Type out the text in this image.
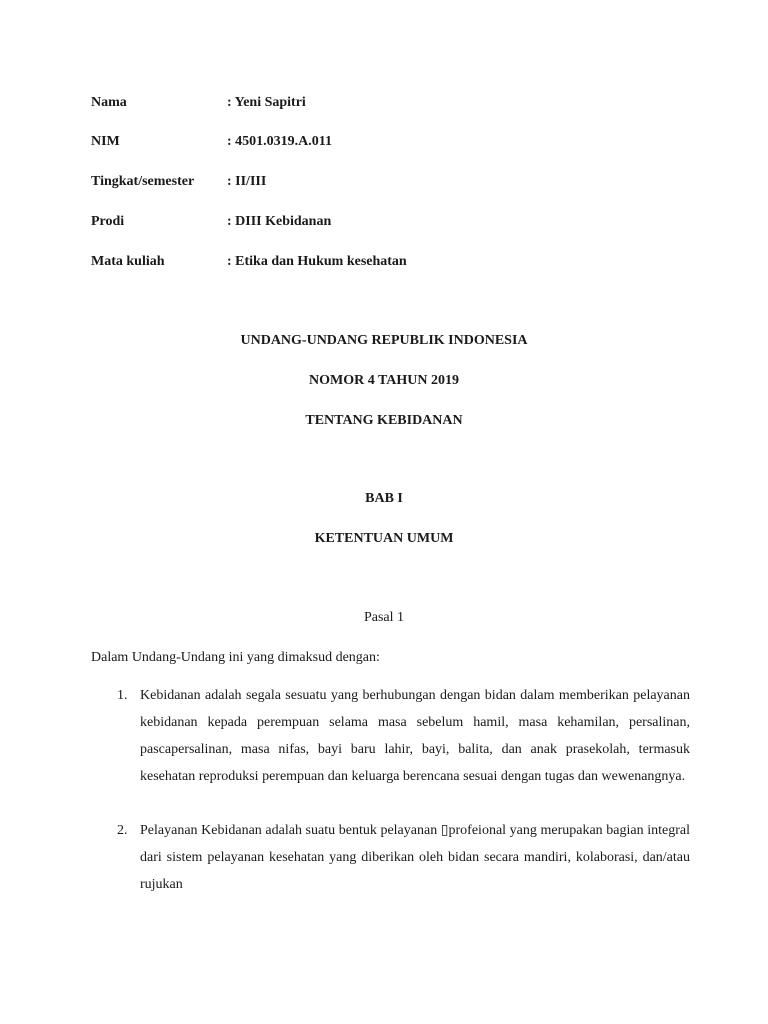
Nama	: Yeni Sapitri
NIM	: 4501.0319.A.011
Tingkat/semester : II/III
Prodi	: DIII Kebidanan
Mata kuliah	: Etika dan Hukum kesehatan
UNDANG-UNDANG REPUBLIK INDONESIA
NOMOR 4 TAHUN 2019
TENTANG KEBIDANAN
BAB I
KETENTUAN UMUM
Pasal 1
Dalam Undang-Undang ini yang dimaksud dengan:
1. Kebidanan adalah segala sesuatu yang berhubungan dengan bidan dalam memberikan pelayanan kebidanan kepada perempuan selama masa sebelum hamil, masa kehamilan, persalinan, pascapersalinan, masa nifas, bayi baru lahir, bayi, balita, dan anak prasekolah, termasuk kesehatan reproduksi perempuan dan keluarga berencana sesuai dengan tugas dan wewenangnya.
2. Pelayanan Kebidanan adalah suatu bentuk pelayanan ▯profeional yang merupakan bagian integral dari sistem pelayanan kesehatan yang diberikan oleh bidan secara mandiri, kolaborasi, dan/atau rujukan
